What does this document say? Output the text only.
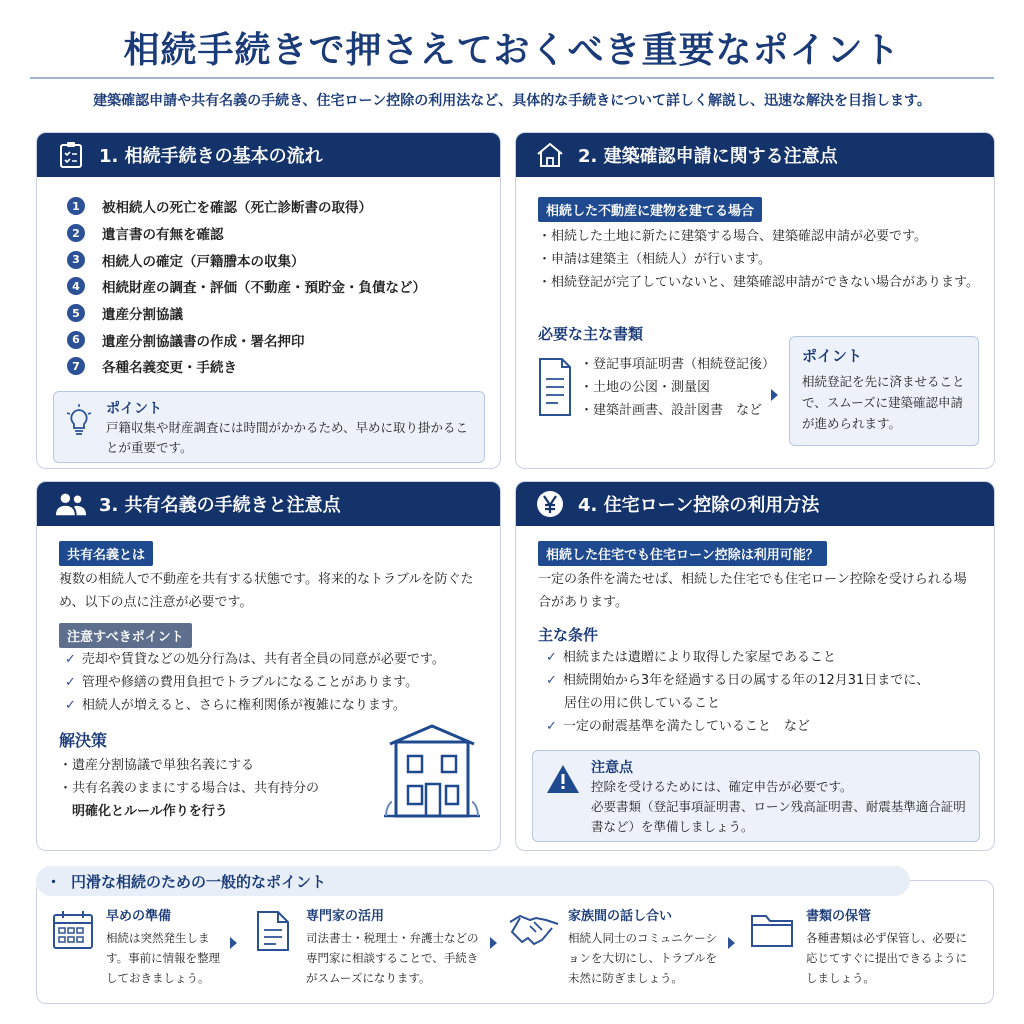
相続手続きで押さえておくべき重要なポイント
建築確認申請や共有名義の手続き、住宅ローン控除の利用法など、具体的な手続きについて詳しく解説し、迅速な解決を目指します。
1. 相続手続きの基本の流れ
1	被相続人の死亡を確認（死亡診断書の取得）
2	遺言書の有無を確認
3	相続人の確定（戸籍謄本の収集）
4	相続財産の調査・評価（不動産・預貯金・負債など）
5	遺産分割協議
6	遺産分割協議書の作成・署名押印
7	各種名義変更・手続き
ポイント
戸籍収集や財産調査には時間がかかるため、早めに取り掛かることが重要です。
2. 建築確認申請に関する注意点
相続した不動産に建物を建てる場合
・相続した土地に新たに建築する場合、建築確認申請が必要です。
・申請は建築主（相続人）が行います。
・相続登記が完了していないと、建築確認申請ができない場合があります。
必要な主な書類
・登記事項証明書（相続登記後）
・土地の公図・測量図
・建築計画書、設計図書　など
ポイント
相続登記を先に済ませることで、スムーズに建築確認申請が進められます。
3. 共有名義の手続きと注意点
共有名義とは
複数の相続人で不動産を共有する状態です。将来的なトラブルを防ぐため、以下の点に注意が必要です。
注意すべきポイント
✓ 売却や賃貸などの処分行為は、共有者全員の同意が必要です。
✓ 管理や修繕の費用負担でトラブルになることがあります。
✓ 相続人が増えると、さらに権利関係が複雑になります。
解決策
・遺産分割協議で単独名義にする
・共有名義のままにする場合は、共有持分の
　明確化とルール作りを行う
4. 住宅ローン控除の利用方法
相続した住宅でも住宅ローン控除は利用可能？
一定の条件を満たせば、相続した住宅でも住宅ローン控除を受けられる場合があります。
主な条件
✓ 相続または遺贈により取得した家屋であること
✓ 相続開始から3年を経過する日の属する年の12月31日までに、
居住の用に供していること
✓ 一定の耐震基準を満たしていること　など
注意点
控除を受けるためには、確定申告が必要です。
必要書類（登記事項証明書、ローン残高証明書、耐震基準適合証明書など）を準備しましょう。
・ 円滑な相続のための一般的なポイント
早めの準備
相続は突然発生します。事前に情報を整理しておきましょう。
専門家の活用
司法書士・税理士・弁護士などの専門家に相談することで、手続きがスムーズになります。
家族間の話し合い
相続人同士のコミュニケーションを大切にし、トラブルを未然に防ぎましょう。
書類の保管
各種書類は必ず保管し、必要に応じてすぐに提出できるようにしましょう。
